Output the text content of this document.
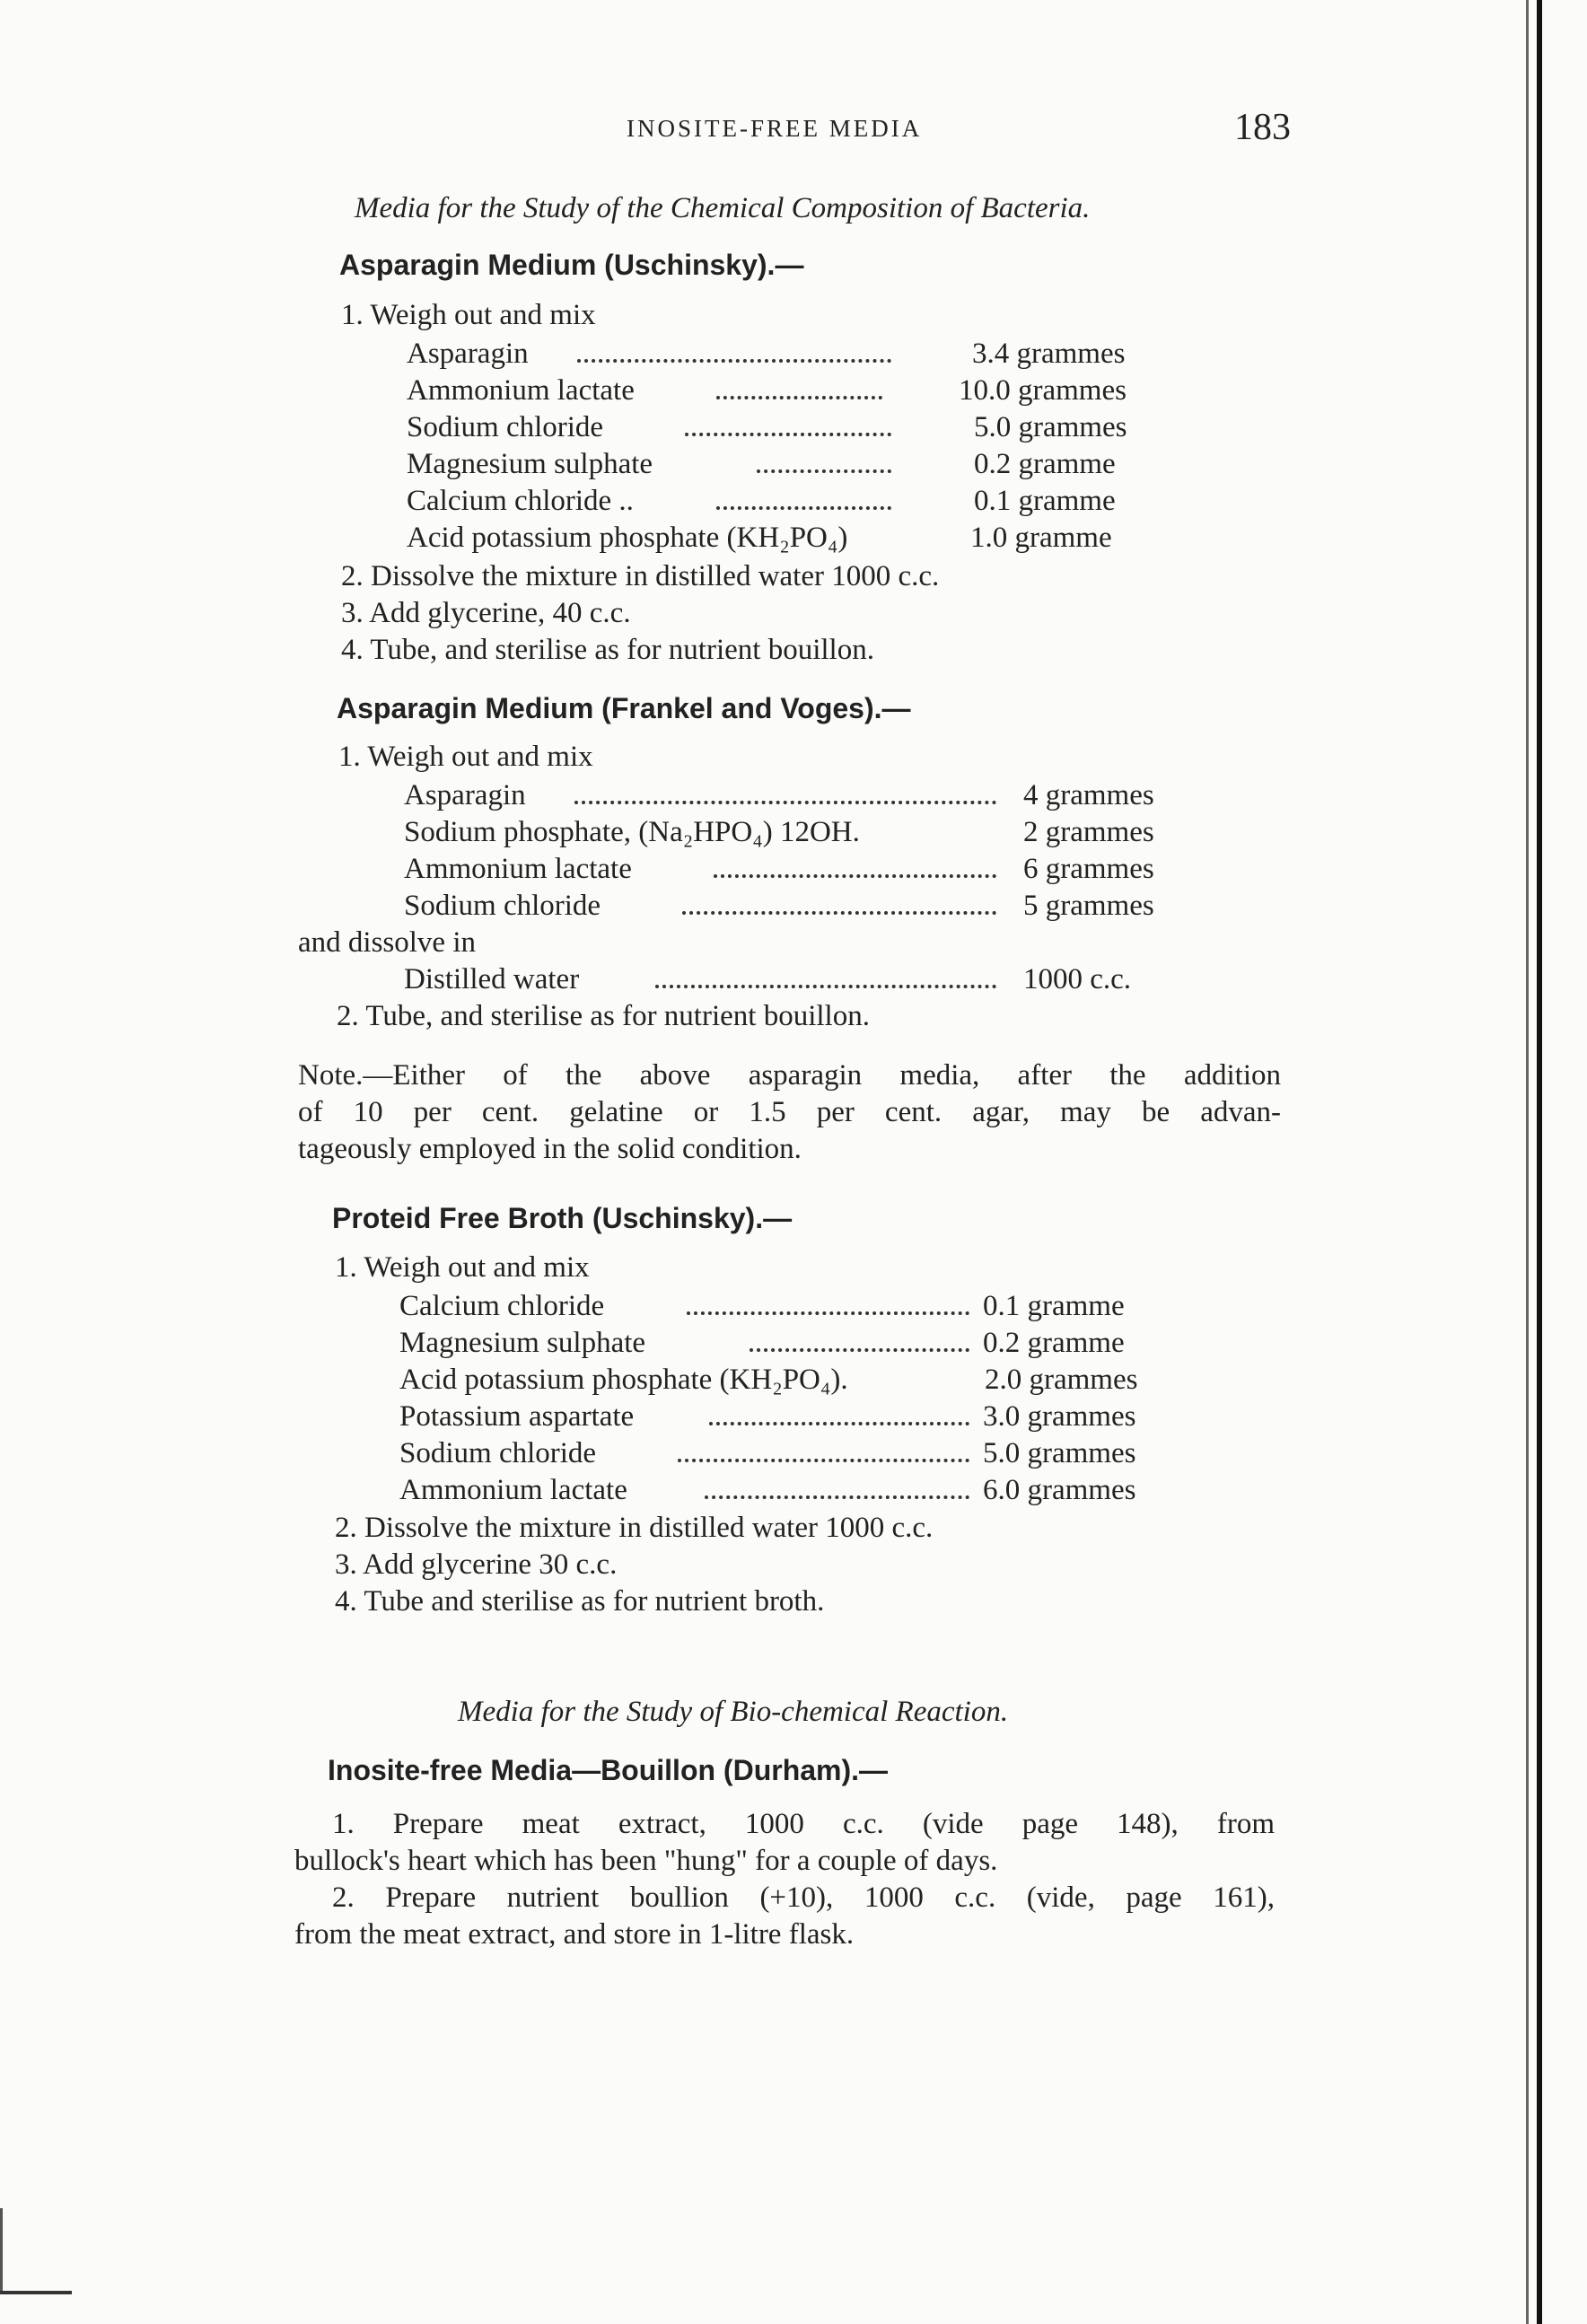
INOSITE-FREE MEDIA	183
Media for the Study of the Chemical Composition of Bacteria.
Asparagin Medium (Uschinsky).—
1. Weigh out and mix
Asparagin	3.4 grammes
Ammonium lactate	10.0 grammes
Sodium chloride	5.0 grammes
Magnesium sulphate	0.2 gramme
Calcium chloride ..	0.1 gramme
Acid potassium phosphate (KH₂PO₄)	1.0 gramme
2. Dissolve the mixture in distilled water 1000 c.c.
3. Add glycerine, 40 c.c.
4. Tube, and sterilise as for nutrient bouillon.
Asparagin Medium (Frankel and Voges).—
1. Weigh out and mix
Asparagin	4 grammes
Sodium phosphate, (Na₂HPO₄) 12OH.	2 grammes
Ammonium lactate	6 grammes
Sodium chloride	5 grammes
and dissolve in
Distilled water	1000 c.c.
2. Tube, and sterilise as for nutrient bouillon.
Note.—Either of the above asparagin media, after the addition
of 10 per cent. gelatine or 1.5 per cent. agar, may be advan-
tageously employed in the solid condition.
Proteid Free Broth (Uschinsky).—
1. Weigh out and mix
Calcium chloride	0.1 gramme
Magnesium sulphate	0.2 gramme
Acid potassium phosphate (KH₂PO₄).	2.0 grammes
Potassium aspartate	3.0 grammes
Sodium chloride	5.0 grammes
Ammonium lactate	6.0 grammes
2. Dissolve the mixture in distilled water 1000 c.c.
3. Add glycerine 30 c.c.
4. Tube and sterilise as for nutrient broth.
Media for the Study of Bio-chemical Reaction.
Inosite-free Media—Bouillon (Durham).—
1. Prepare meat extract, 1000 c.c. (vide page 148), from
bullock's heart which has been "hung" for a couple of days.
2. Prepare nutrient boullion (+10), 1000 c.c. (vide, page 161),
from the meat extract, and store in 1-litre flask.
